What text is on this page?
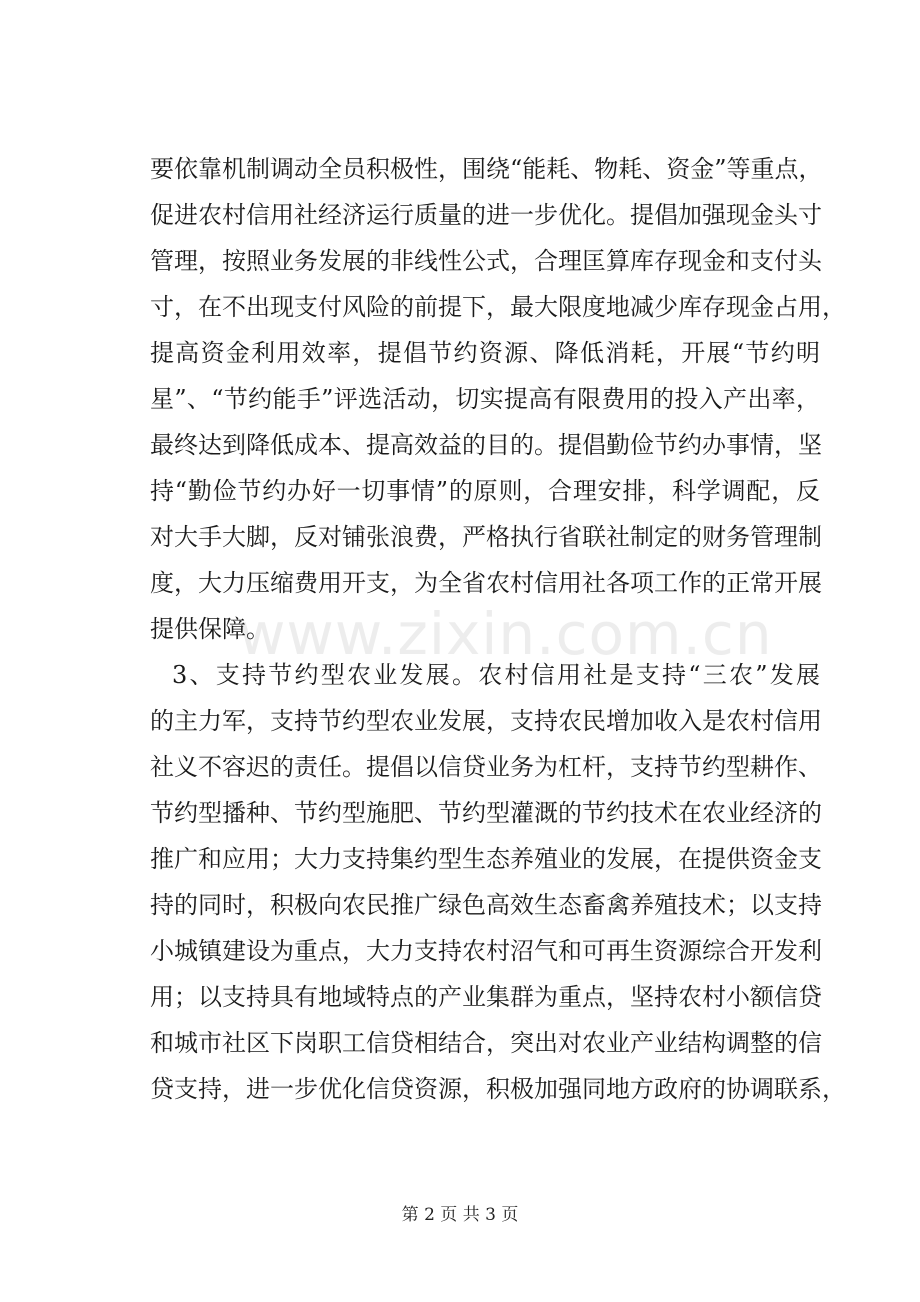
www.zixin.com.cn
要依靠机制调动全员积极性，围绕“能耗、物耗、资金”等重点，
促进农村信用社经济运行质量的进一步优化。提倡加强现金头寸
管理，按照业务发展的非线性公式，合理匡算库存现金和支付头
寸，在不出现支付风险的前提下，最大限度地减少库存现金占用，
提高资金利用效率，提倡节约资源、降低消耗，开展“节约明
星”、“节约能手”评选活动，切实提高有限费用的投入产出率，
最终达到降低成本、提高效益的目的。提倡勤俭节约办事情，坚
持“勤俭节约办好一切事情”的原则，合理安排，科学调配，反
对大手大脚，反对铺张浪费，严格执行省联社制定的财务管理制
度，大力压缩费用开支，为全省农村信用社各项工作的正常开展
提供保障。
3、支持节约型农业发展。农村信用社是支持“三农”发展
的主力军，支持节约型农业发展，支持农民增加收入是农村信用
社义不容迟的责任。提倡以信贷业务为杠杆，支持节约型耕作、
节约型播种、节约型施肥、节约型灌溉的节约技术在农业经济的
推广和应用；大力支持集约型生态养殖业的发展，在提供资金支
持的同时，积极向农民推广绿色高效生态畜禽养殖技术；以支持
小城镇建设为重点，大力支持农村沼气和可再生资源综合开发利
用；以支持具有地域特点的产业集群为重点，坚持农村小额信贷
和城市社区下岗职工信贷相结合，突出对农业产业结构调整的信
贷支持，进一步优化信贷资源，积极加强同地方政府的协调联系，
第 2 页 共 3 页
